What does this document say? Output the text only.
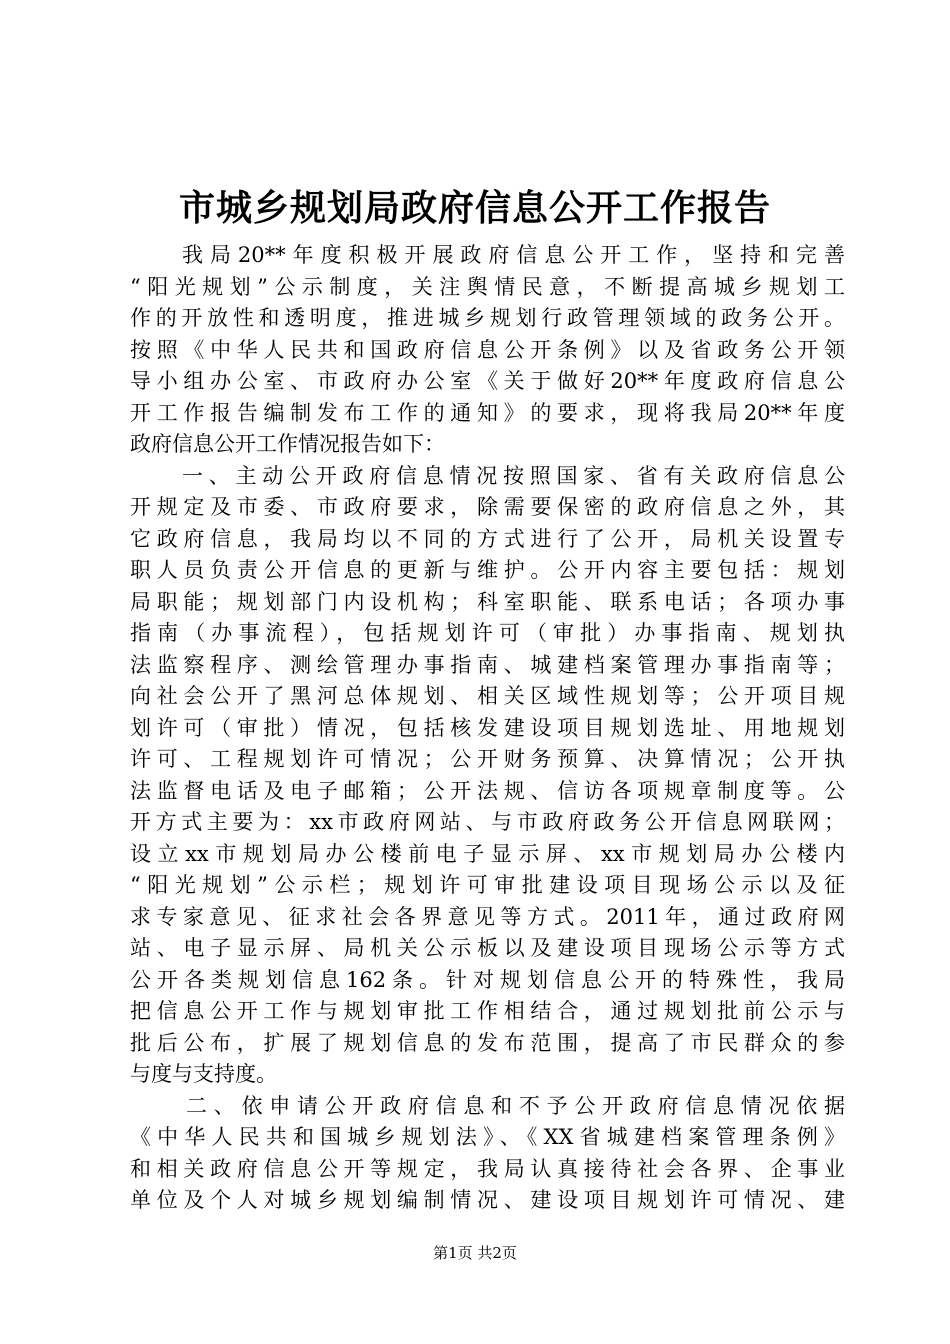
市城乡规划局政府信息公开工作报告
我局20**年度积极开展政府信息公开工作，坚持和完善
“阳光规划”公示制度，关注舆情民意，不断提高城乡规划工
作的开放性和透明度，推进城乡规划行政管理领域的政务公开。
按照《中华人民共和国政府信息公开条例》以及省政务公开领
导小组办公室、市政府办公室《关于做好20**年度政府信息公
开工作报告编制发布工作的通知》的要求，现将我局20**年度
政府信息公开工作情况报告如下：
一、主动公开政府信息情况按照国家、省有关政府信息公
开规定及市委、市政府要求，除需要保密的政府信息之外，其
它政府信息，我局均以不同的方式进行了公开，局机关设置专
职人员负责公开信息的更新与维护。公开内容主要包括：规划
局职能；规划部门内设机构；科室职能、联系电话；各项办事
指南（办事流程），包括规划许可（审批）办事指南、规划执
法监察程序、测绘管理办事指南、城建档案管理办事指南等；
向社会公开了黑河总体规划、相关区域性规划等；公开项目规
划许可（审批）情况，包括核发建设项目规划选址、用地规划
许可、工程规划许可情况；公开财务预算、决算情况；公开执
法监督电话及电子邮箱；公开法规、信访各项规章制度等。公
开方式主要为：xx市政府网站、与市政府政务公开信息网联网；
设立xx市规划局办公楼前电子显示屏、xx市规划局办公楼内
“阳光规划”公示栏；规划许可审批建设项目现场公示以及征
求专家意见、征求社会各界意见等方式。2011年，通过政府网
站、电子显示屏、局机关公示板以及建设项目现场公示等方式
公开各类规划信息162条。针对规划信息公开的特殊性，我局
把信息公开工作与规划审批工作相结合，通过规划批前公示与
批后公布，扩展了规划信息的发布范围，提高了市民群众的参
与度与支持度。
二、依申请公开政府信息和不予公开政府信息情况依据
《中华人民共和国城乡规划法》、《XX省城建档案管理条例》
和相关政府信息公开等规定，我局认真接待社会各界、企事业
单位及个人对城乡规划编制情况、建设项目规划许可情况、建
第1页 共2页
